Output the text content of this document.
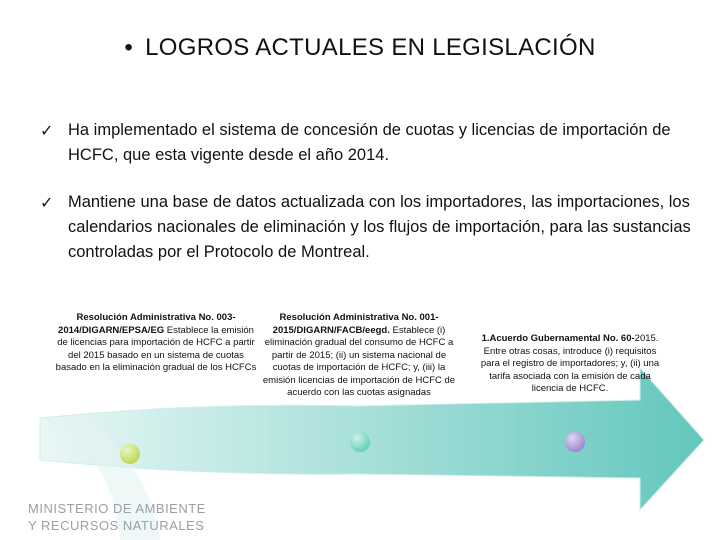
• LOGROS ACTUALES EN LEGISLACIÓN
✓ Ha implementado el sistema de concesión de cuotas y licencias de importación de HCFC, que esta vigente desde el año 2014.
✓ Mantiene una base de datos actualizada con los importadores, las importaciones, los calendarios nacionales de eliminación y los flujos de importación, para las sustancias controladas por el Protocolo de Montreal.
Resolución Administrativa No. 003-2014/DIGARN/EPSA/EG Establece la emisión de licencias para importación de HCFC a partir del 2015 basado en un sistema de cuotas basado en la eliminación gradual de los HCFCs
Resolución Administrativa No. 001-2015/DIGARN/FACB/eegd. Establece (i) eliminación gradual del consumo de HCFC a partir de 2015; (ii) un sistema nacional de cuotas de importación de HCFC; y, (iii) la emisión licencias de importación de HCFC de acuerdo con las cuotas asignadas
1.Acuerdo Gubernamental No. 60-2015. Entre otras cosas, introduce (i) requisitos para el registro de importadores; y, (ii) una tarifa asociada con la emisión de cada licencia de HCFC.
MINISTERIO DE AMBIENTE
Y RECURSOS NATURALES
